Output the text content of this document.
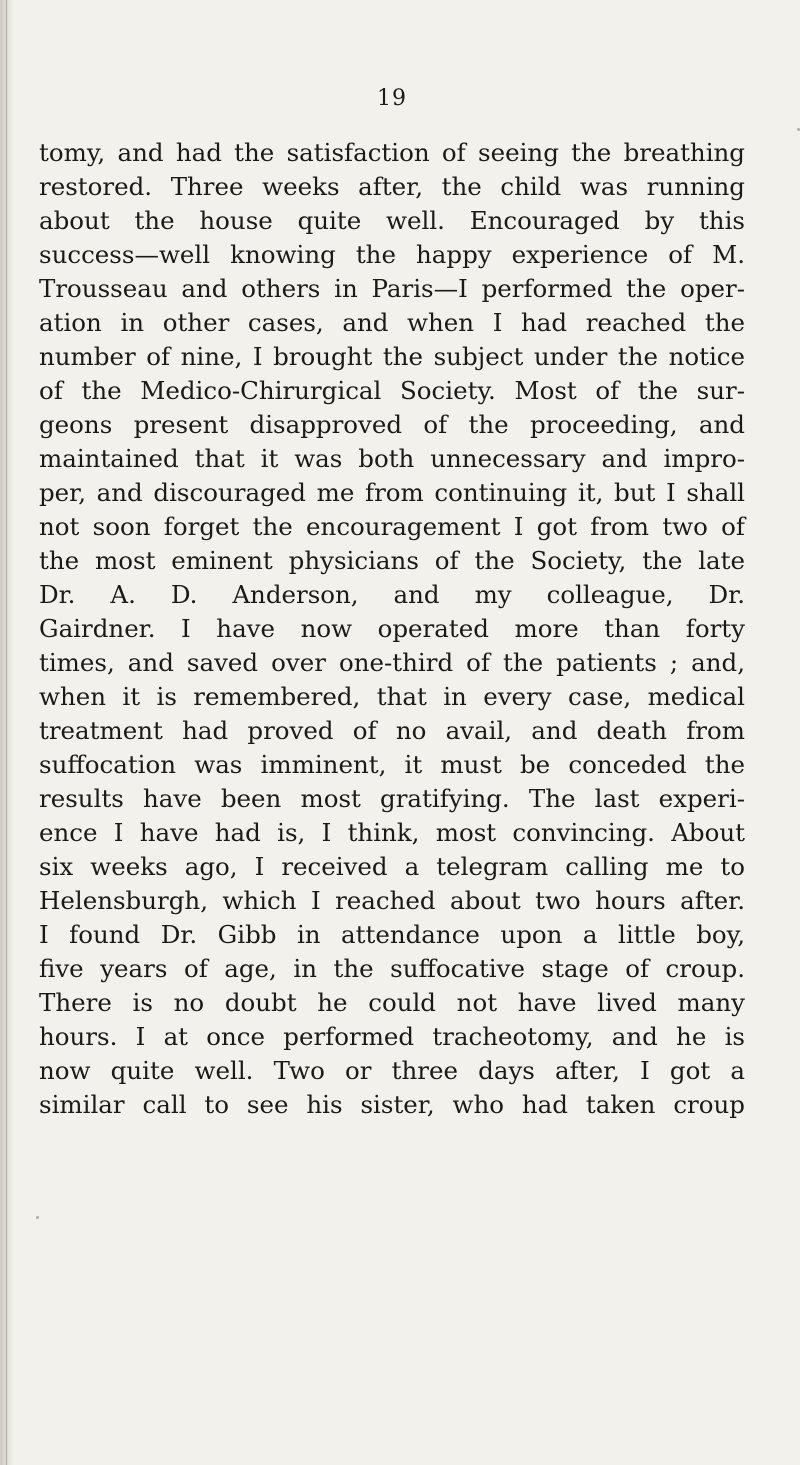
19
tomy, and had the satisfaction of seeing the breathing
restored. Three weeks after, the child was running
about the house quite well. Encouraged by this
success—well knowing the happy experience of M.
Trousseau and others in Paris—I performed the oper-
ation in other cases, and when I had reached the
number of nine, I brought the subject under the notice
of the Medico-Chirurgical Society. Most of the sur-
geons present disapproved of the proceeding, and
maintained that it was both unnecessary and impro-
per, and discouraged me from continuing it, but I shall
not soon forget the encouragement I got from two of
the most eminent physicians of the Society, the late
Dr. A. D. Anderson, and my colleague, Dr.
Gairdner. I have now operated more than forty
times, and saved over one-third of the patients ; and,
when it is remembered, that in every case, medical
treatment had proved of no avail, and death from
suffocation was imminent, it must be conceded the
results have been most gratifying. The last experi-
ence I have had is, I think, most convincing. About
six weeks ago, I received a telegram calling me to
Helensburgh, which I reached about two hours after.
I found Dr. Gibb in attendance upon a little boy,
five years of age, in the suffocative stage of croup.
There is no doubt he could not have lived many
hours. I at once performed tracheotomy, and he is
now quite well. Two or three days after, I got a
similar call to see his sister, who had taken croup
